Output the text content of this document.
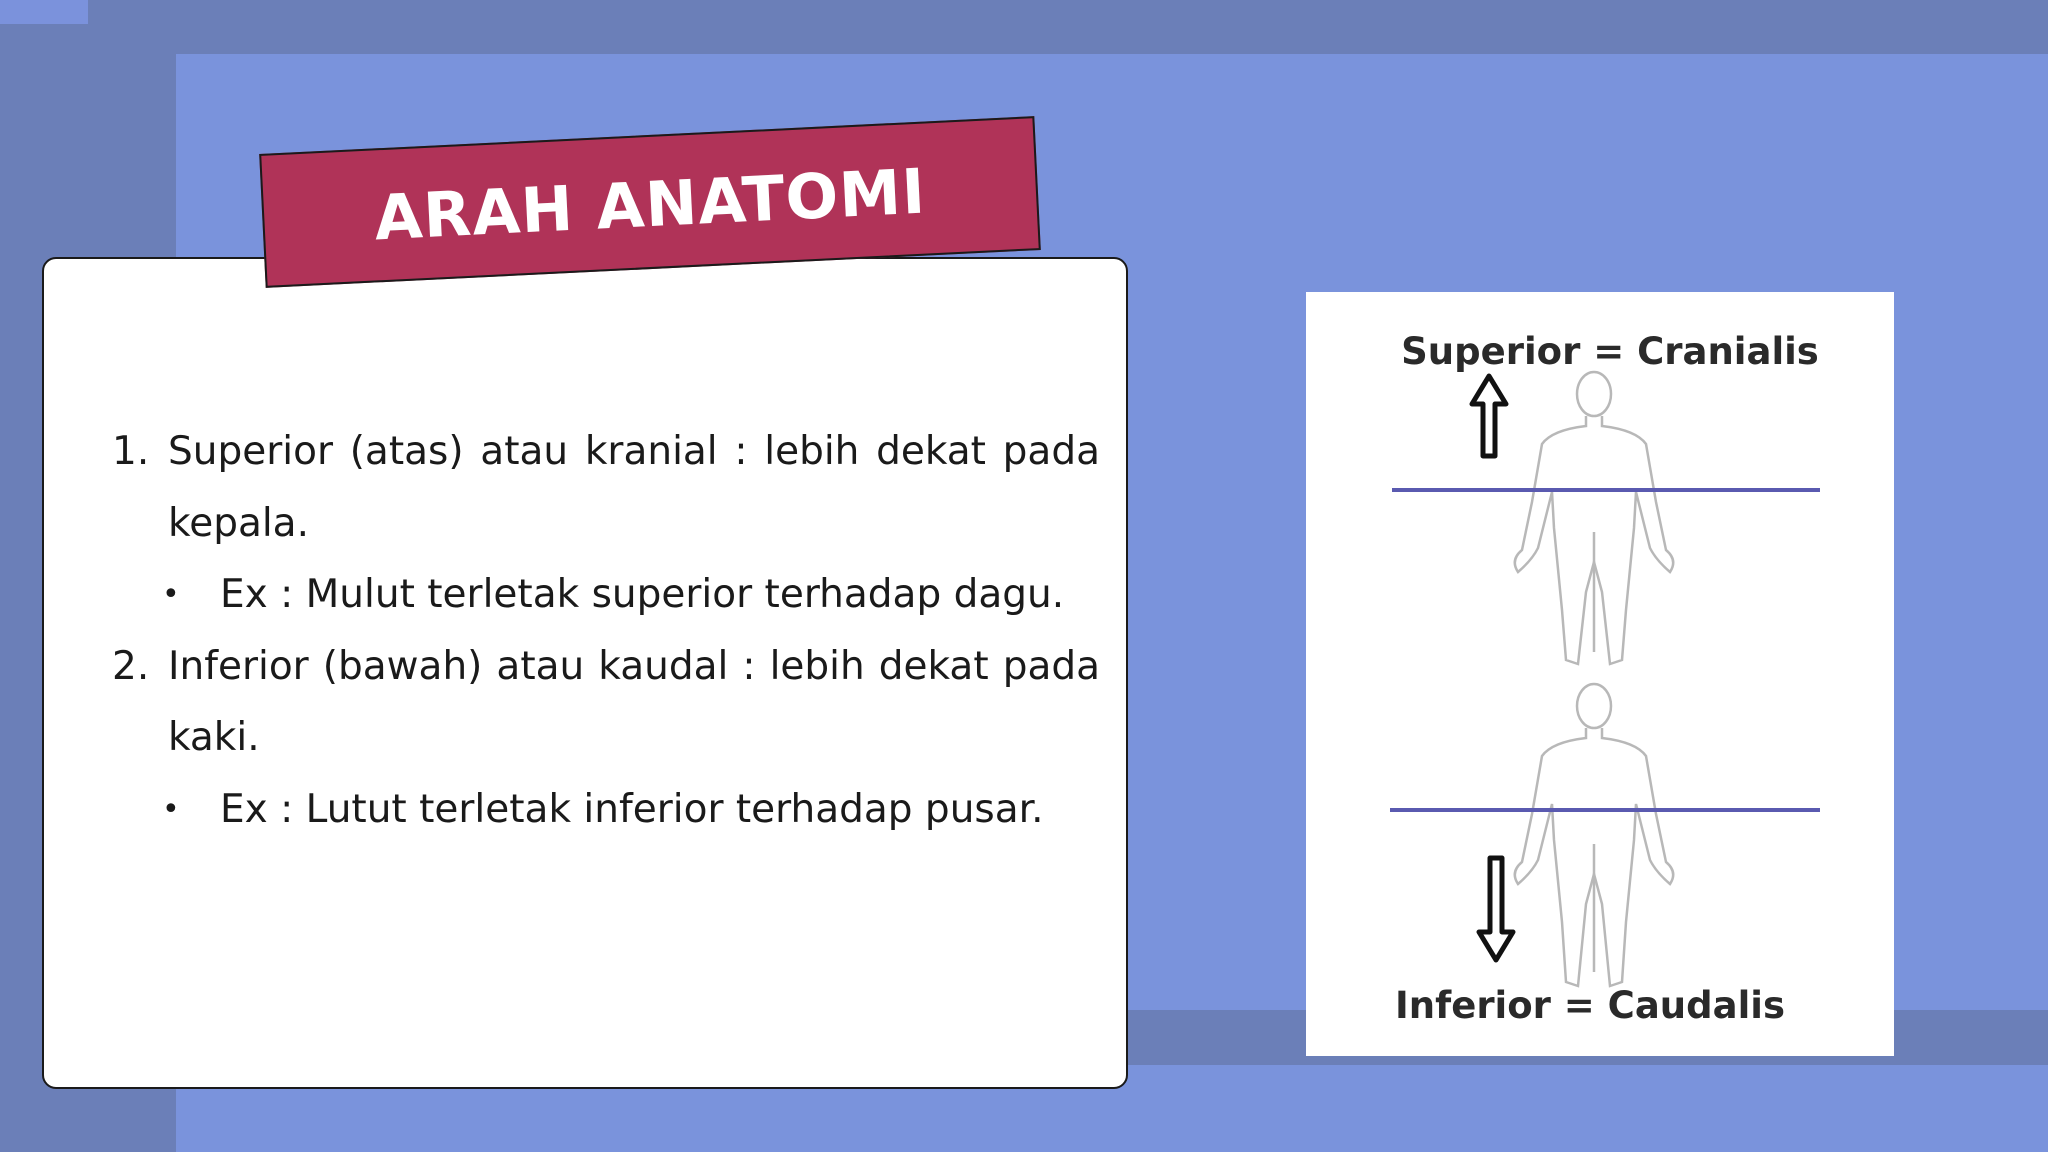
1. Superior (atas) atau kranial : lebih dekat pada
kepala.
• Ex : Mulut terletak superior terhadap dagu.
2. Inferior (bawah) atau kaudal : lebih dekat pada
kaki.
• Ex : Lutut terletak inferior terhadap pusar.
ARAH ANATOMI
Superior = Cranialis
Inferior = Caudalis
